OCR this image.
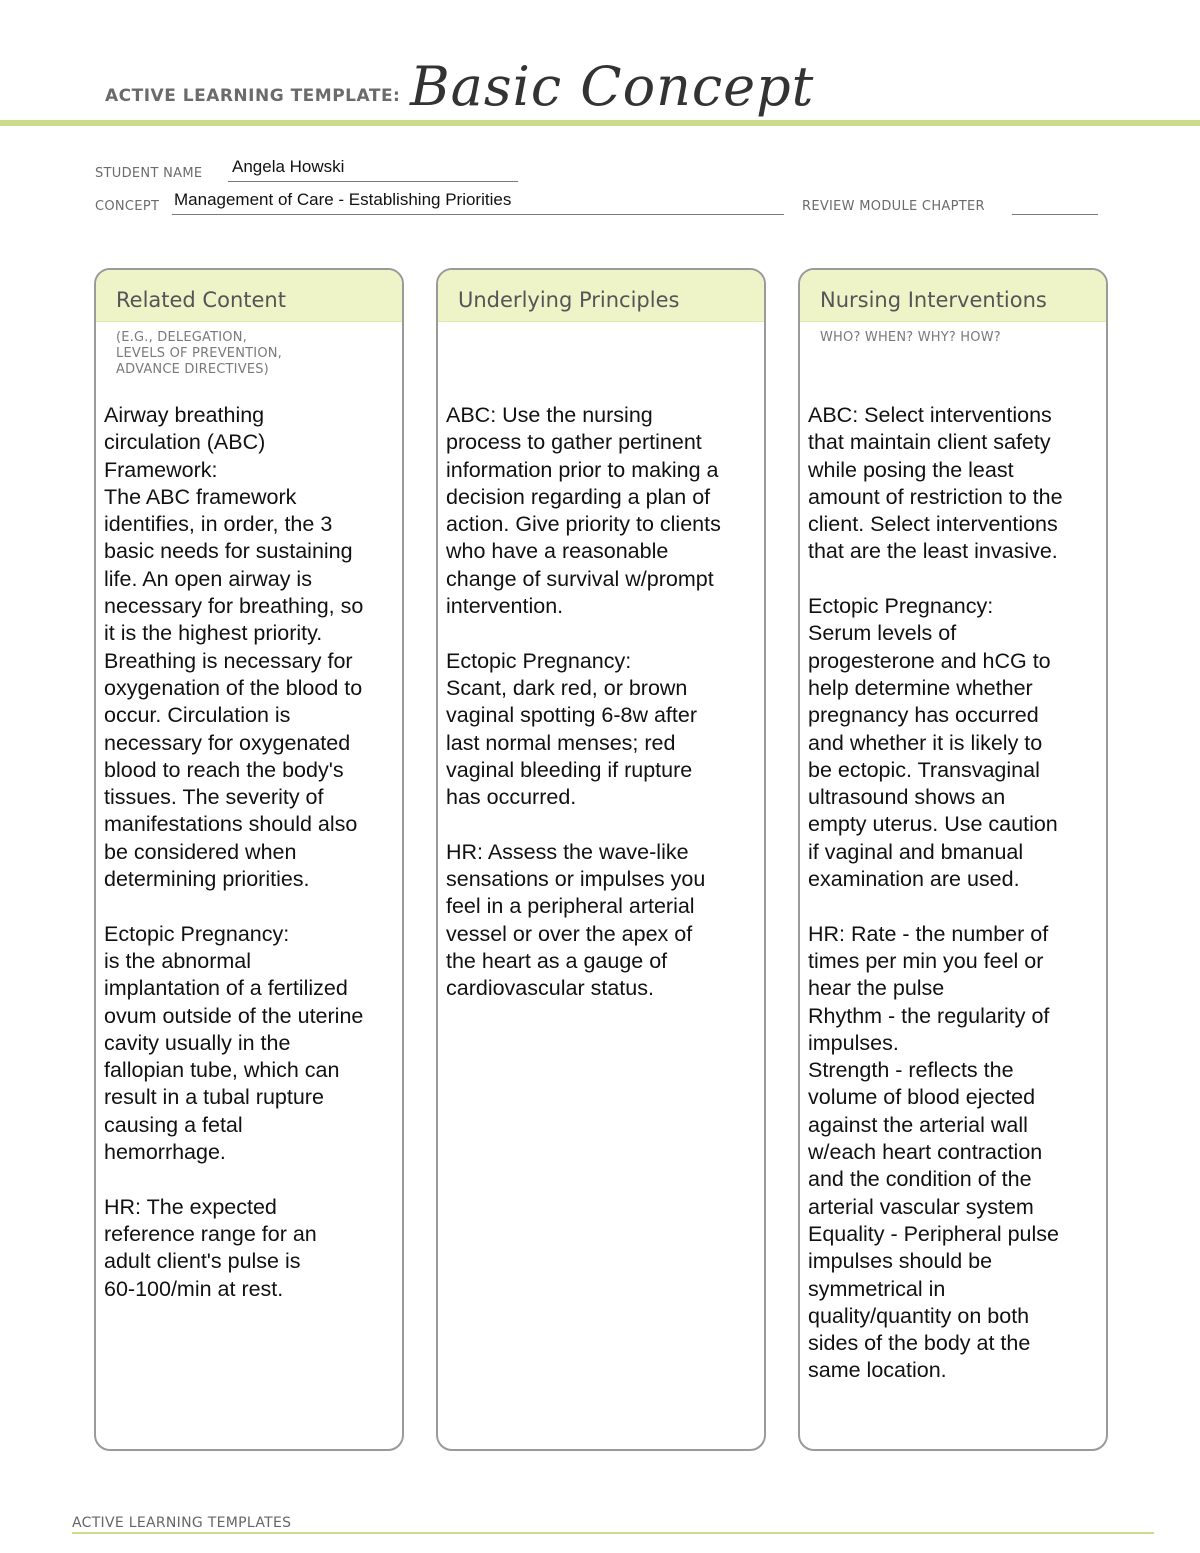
ACTIVE LEARNING TEMPLATE: Basic Concept
STUDENT NAME Angela Howski
CONCEPT Management of Care - Establishing Priorities	REVIEW MODULE CHAPTER
Related Content
(E.G., DELEGATION,
LEVELS OF PREVENTION,
ADVANCE DIRECTIVES)
Airway breathing
circulation (ABC)
Framework:
The ABC framework
identifies, in order, the 3
basic needs for sustaining
life. An open airway is
necessary for breathing, so
it is the highest priority.
Breathing is necessary for
oxygenation of the blood to
occur. Circulation is
necessary for oxygenated
blood to reach the body's
tissues. The severity of
manifestations should also
be considered when
determining priorities.
Ectopic Pregnancy:
is the abnormal
implantation of a fertilized
ovum outside of the uterine
cavity usually in the
fallopian tube, which can
result in a tubal rupture
causing a fetal
hemorrhage.
HR: The expected
reference range for an
adult client's pulse is
60-100/min at rest.
Underlying Principles
ABC: Use the nursing
process to gather pertinent
information prior to making a
decision regarding a plan of
action. Give priority to clients
who have a reasonable
change of survival w/prompt
intervention.
Ectopic Pregnancy:
Scant, dark red, or brown
vaginal spotting 6-8w after
last normal menses; red
vaginal bleeding if rupture
has occurred.
HR: Assess the wave-like
sensations or impulses you
feel in a peripheral arterial
vessel or over the apex of
the heart as a gauge of
cardiovascular status.
Nursing Interventions
WHO? WHEN? WHY? HOW?
ABC: Select interventions
that maintain client safety
while posing the least
amount of restriction to the
client. Select interventions
that are the least invasive.
Ectopic Pregnancy:
Serum levels of
progesterone and hCG to
help determine whether
pregnancy has occurred
and whether it is likely to
be ectopic. Transvaginal
ultrasound shows an
empty uterus. Use caution
if vaginal and bmanual
examination are used.
HR: Rate - the number of
times per min you feel or
hear the pulse
Rhythm - the regularity of
impulses.
Strength - reflects the
volume of blood ejected
against the arterial wall
w/each heart contraction
and the condition of the
arterial vascular system
Equality - Peripheral pulse
impulses should be
symmetrical in
quality/quantity on both
sides of the body at the
same location.
ACTIVE LEARNING TEMPLATES
